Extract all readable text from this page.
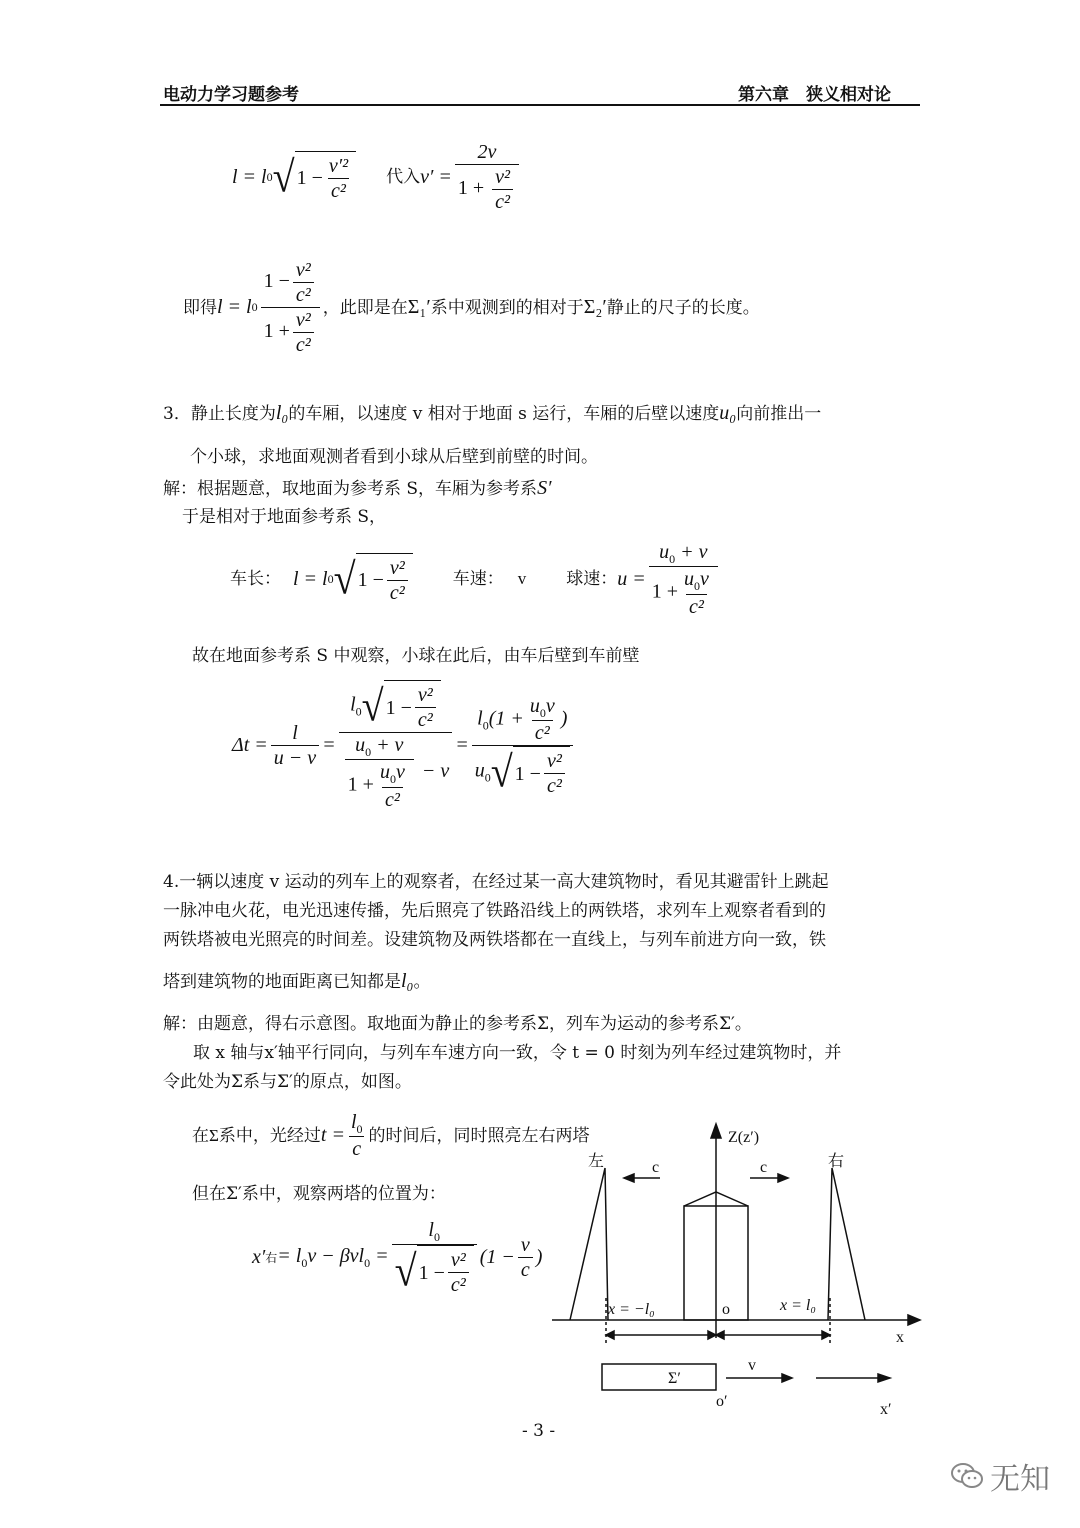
电动力学习题参考	第六章　狭义相对论
l = l 0 √ $1 - \frac{\text{v′²}}{\text{c²}}$ 代入 $v' = \frac{2v}{1 + \frac{\text{v²}}{\text{c²}}}$
即得 l = l $0 \frac{1 - \frac{\text{v²}}{\text{c²}}}{1 + \frac{\text{v²}}{\text{c²}}}$ ，此即是在 Σ₁′ 系中观测到的相对于 Σ₂′ 静止的尺子的长度。
3．静止长度为l₀的车厢，以速度 v 相对于地面 s 运行，车厢的后壁以速度u₀向前推出一
个小球，求地面观测者看到小球从后壁到前壁的时间。
解：根据题意，取地面为参考系 S，车厢为参考系S′
于是相对于地面参考系 S，
车长： l = l 0 √ $1 - \frac{\text{v²}}{\text{c²}}$	车速： v 球速： $u = \frac{u_0 + v}{1 + \frac{u_0v}{\text{c²}}}$
故在地面参考系 S 中观察，小球在此后，由车后壁到车前壁
$\Delta t = \frac{l}{u - v} = \frac{l_0 √ 1 - \frac{\text{v²}}{\text{c²}}}{\frac{u_0 + v}{1 + \frac{u_0v}{\text{c²}}} - v} = \frac{l_0(1 + \frac{u_0v}{\text{c²}} )}{u_0 √ 1 - \frac{\text{v²}}{\text{c²}}}$
4.一辆以速度 v 运动的列车上的观察者，在经过某一高大建筑物时，看见其避雷针上跳起
一脉冲电火花，电光迅速传播，先后照亮了铁路沿线上的两铁塔，求列车上观察者看到的
两铁塔被电光照亮的时间差。设建筑物及两铁塔都在一直线上，与列车前进方向一致，铁
塔到建筑物的地面距离已知都是l₀。
解：由题意，得右示意图。取地面为静止的参考系Σ，列车为运动的参考系Σ′。
取 x 轴与x′轴平行同向，与列车车速方向一致，令 t = 0 时刻为列车经过建筑物时，并
令此处为Σ系与Σ′的原点，如图。
在Σ系中，光经过 $t = \frac{l_0}{c}$ 的时间后，同时照亮左右两塔
但在Σ′系中，观察两塔的位置为：
x′ 右 = $l_0v - \beta vl_0 = \frac{l_0}{√ 1 - \frac{\text{v²}}{\text{c²}}} (1 - \frac{v}{c}$ )
Z(z′)
左	右
c	c
x = −l₀	o	x = l₀
x
Σ′
v
o′	x′
- 3 -
无知
